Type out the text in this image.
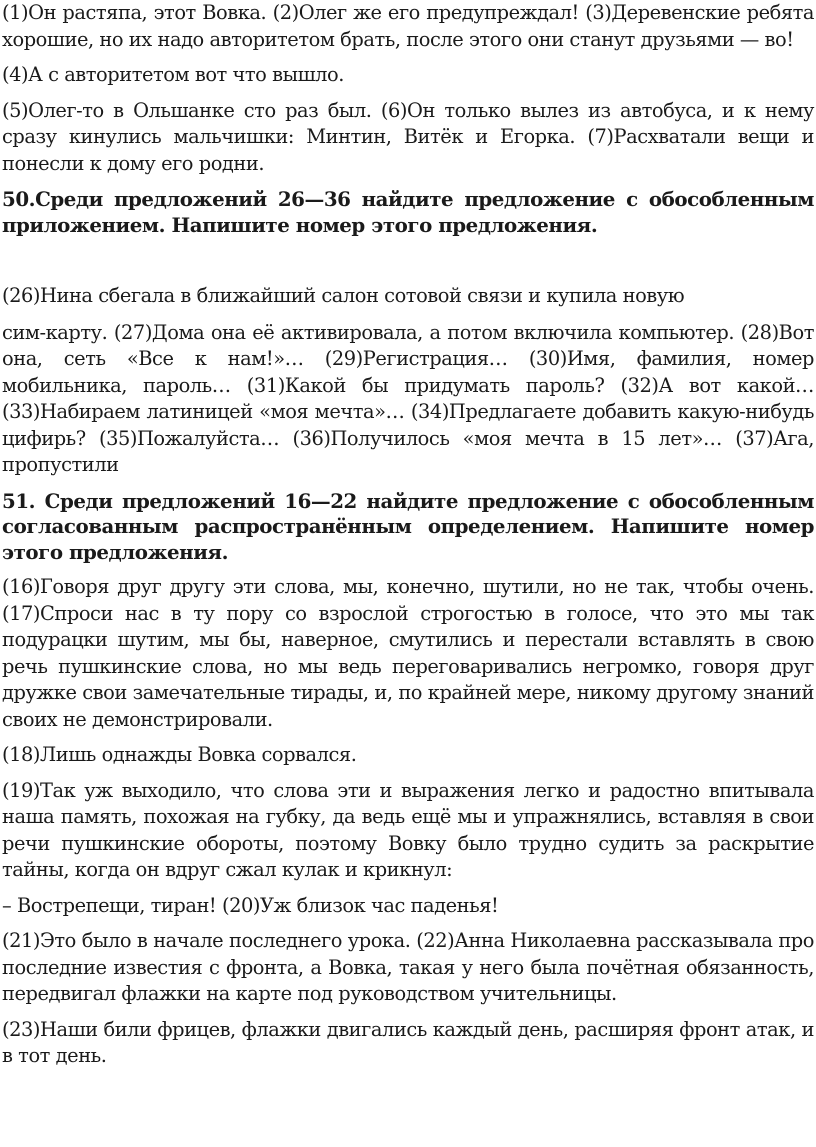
(1)Он растяпа, этот Вовка. (2)Олег же его предупреждал! (3)Деревенские ребята хорошие, но их надо авторитетом брать, после этого они станут друзьями — во!

(4)А с авторитетом вот что вышло.

(5)Олег-то в Ольшанке сто раз был. (6)Он только вылез из автобуса, и к нему сразу кинулись мальчишки: Минтин, Витёк и Егорка. (7)Расхватали вещи и понесли к дому его родни.

50.Среди предложений 26—36 найдите предложение с обособленным приложением. Напишите номер этого предложения.

(26)Нина сбегала в ближайший салон сотовой связи и купила новую

сим-карту. (27)Дома она её активировала, а потом включила компьютер. (28)Вот она, сеть «Все к нам!»… (29)Регистрация… (30)Имя, фамилия, номер мобильника, пароль… (31)Какой бы придумать пароль? (32)А вот какой… (33)Набираем латиницей «моя мечта»… (34)Предлагаете добавить какую-нибудь цифирь? (35)Пожалуйста… (36)Получилось «моя мечта в 15 лет»… (37)Ага, пропустили

51. Среди предложений 16—22 найдите предложение с обособленным согласованным распространённым определением. Напишите номер этого предложения.

(16)Говоря друг другу эти слова, мы, конечно, шутили, но не так, чтобы очень. (17)Спроси нас в ту пору со взрослой строгостью в голосе, что это мы так подурацки шутим, мы бы, наверное, смутились и перестали вставлять в свою речь пушкинские слова, но мы ведь переговаривались негромко, говоря друг дружке свои замечательные тирады, и, по крайней мере, никому другому знаний своих не демонстрировали.

(18)Лишь однажды Вовка сорвался.

(19)Так уж выходило, что слова эти и выражения легко и радостно впитывала наша память, похожая на губку, да ведь ещё мы и упражнялись, вставляя в свои речи пушкинские обороты, поэтому Вовку было трудно судить за раскрытие тайны, когда он вдруг сжал кулак и крикнул:

– Вострепещи, тиран! (20)Уж близок час паденья!

(21)Это было в начале последнего урока. (22)Анна Николаевна рассказывала про последние известия с фронта, а Вовка, такая у него была почётная обязанность, передвигал флажки на карте под руководством учительницы.

(23)Наши били фрицев, флажки двигались каждый день, расширяя фронт атак, и в тот день.
